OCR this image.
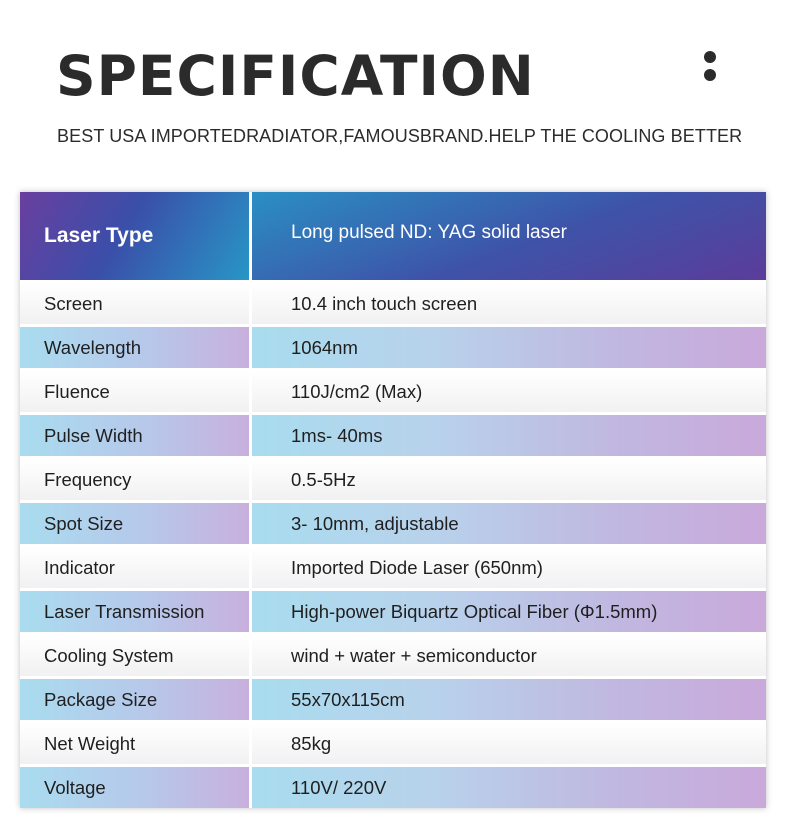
SPECIFICATION
BEST USA IMPORTEDRADIATOR,FAMOUSBRAND.HELP THE COOLING BETTER
Laser Type	Long pulsed ND: YAG solid laser
Screen	10.4 inch touch screen
Wavelength	1064nm
Fluence	110J/cm2 (Max)
Pulse Width	1ms- 40ms
Frequency	0.5-5Hz
Spot Size	3- 10mm, adjustable
Indicator	Imported Diode Laser (650nm)
Laser Transmission	High-power Biquartz Optical Fiber (Φ1.5mm)
Cooling System	wind + water + semiconductor
Package Size	55x70x115cm
Net Weight	85kg
Voltage	110V/ 220V
